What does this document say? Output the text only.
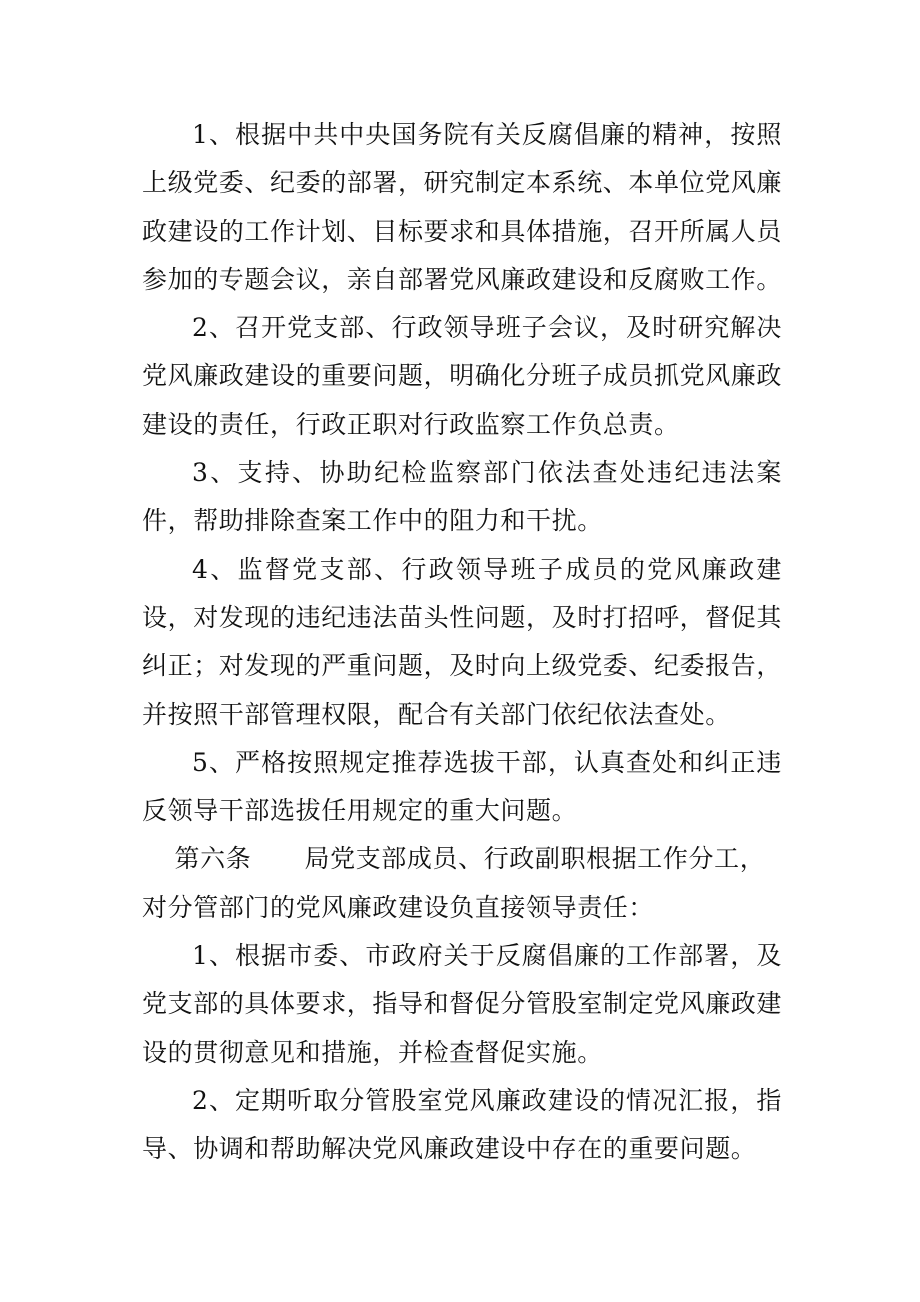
1、根据中共中央国务院有关反腐倡廉的精神，按照上级党委、纪委的部署，研究制定本系统、本单位党风廉政建设的工作计划、目标要求和具体措施，召开所属人员参加的专题会议，亲自部署党风廉政建设和反腐败工作。

2、召开党支部、行政领导班子会议，及时研究解决党风廉政建设的重要问题，明确化分班子成员抓党风廉政建设的责任，行政正职对行政监察工作负总责。

3、支持、协助纪检监察部门依法查处违纪违法案件，帮助排除查案工作中的阻力和干扰。

4、监督党支部、行政领导班子成员的党风廉政建设，对发现的违纪违法苗头性问题，及时打招呼，督促其纠正；对发现的严重问题，及时向上级党委、纪委报告，并按照干部管理权限，配合有关部门依纪依法查处。

5、严格按照规定推荐选拔干部，认真查处和纠正违反领导干部选拔任用规定的重大问题。

第六条 局党支部成员、行政副职根据工作分工，对分管部门的党风廉政建设负直接领导责任：

1、根据市委、市政府关于反腐倡廉的工作部署，及党支部的具体要求，指导和督促分管股室制定党风廉政建设的贯彻意见和措施，并检查督促实施。

2、定期听取分管股室党风廉政建设的情况汇报，指导、协调和帮助解决党风廉政建设中存在的重要问题。
